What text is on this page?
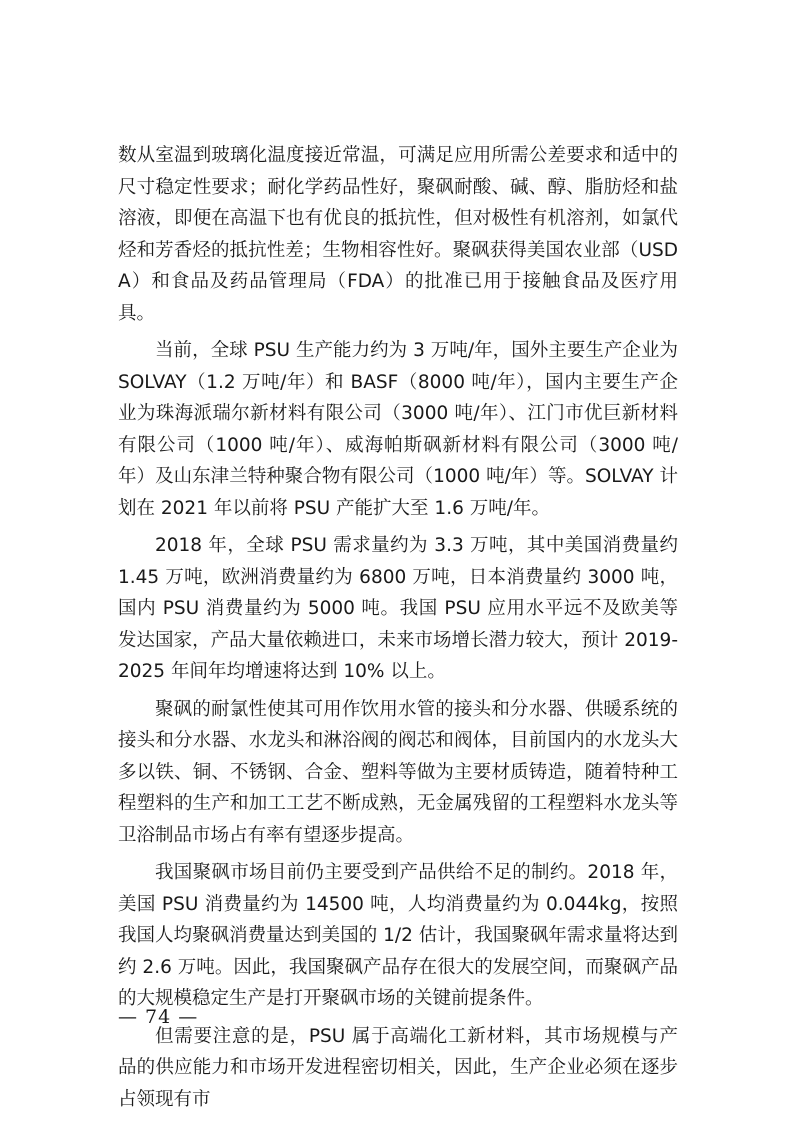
数从室温到玻璃化温度接近常温，可满足应用所需公差要求和适中的尺寸稳定性要求；耐化学药品性好，聚砜耐酸、碱、醇、脂肪烃和盐溶液，即便在高温下也有优良的抵抗性，但对极性有机溶剂，如氯代烃和芳香烃的抵抗性差；生物相容性好。聚砜获得美国农业部（USDA）和食品及药品管理局（FDA）的批准已用于接触食品及医疗用具。

当前，全球 PSU 生产能力约为 3 万吨/年，国外主要生产企业为 SOLVAY（1.2 万吨/年）和 BASF（8000 吨/年），国内主要生产企业为珠海派瑞尔新材料有限公司（3000 吨/年）、江门市优巨新材料有限公司（1000 吨/年）、威海帕斯砜新材料有限公司（3000 吨/年）及山东津兰特种聚合物有限公司（1000 吨/年）等。SOLVAY 计划在 2021 年以前将 PSU 产能扩大至 1.6 万吨/年。

2018 年，全球 PSU 需求量约为 3.3 万吨，其中美国消费量约 1.45 万吨，欧洲消费量约为 6800 万吨，日本消费量约 3000 吨，国内 PSU 消费量约为 5000 吨。我国 PSU 应用水平远不及欧美等发达国家，产品大量依赖进口，未来市场增长潜力较大，预计 2019-2025 年间年均增速将达到 10% 以上。

聚砜的耐氯性使其可用作饮用水管的接头和分水器、供暖系统的接头和分水器、水龙头和淋浴阀的阀芯和阀体，目前国内的水龙头大多以铁、铜、不锈钢、合金、塑料等做为主要材质铸造，随着特种工程塑料的生产和加工工艺不断成熟，无金属残留的工程塑料水龙头等卫浴制品市场占有率有望逐步提高。

我国聚砜市场目前仍主要受到产品供给不足的制约。2018 年，美国 PSU 消费量约为 14500 吨，人均消费量约为 0.044kg，按照我国人均聚砜消费量达到美国的 1/2 估计，我国聚砜年需求量将达到约 2.6 万吨。因此，我国聚砜产品存在很大的发展空间，而聚砜产品的大规模稳定生产是打开聚砜市场的关键前提条件。

但需要注意的是，PSU 属于高端化工新材料，其市场规模与产品的供应能力和市场开发进程密切相关，因此，生产企业必须在逐步占领现有市

— 74 —
